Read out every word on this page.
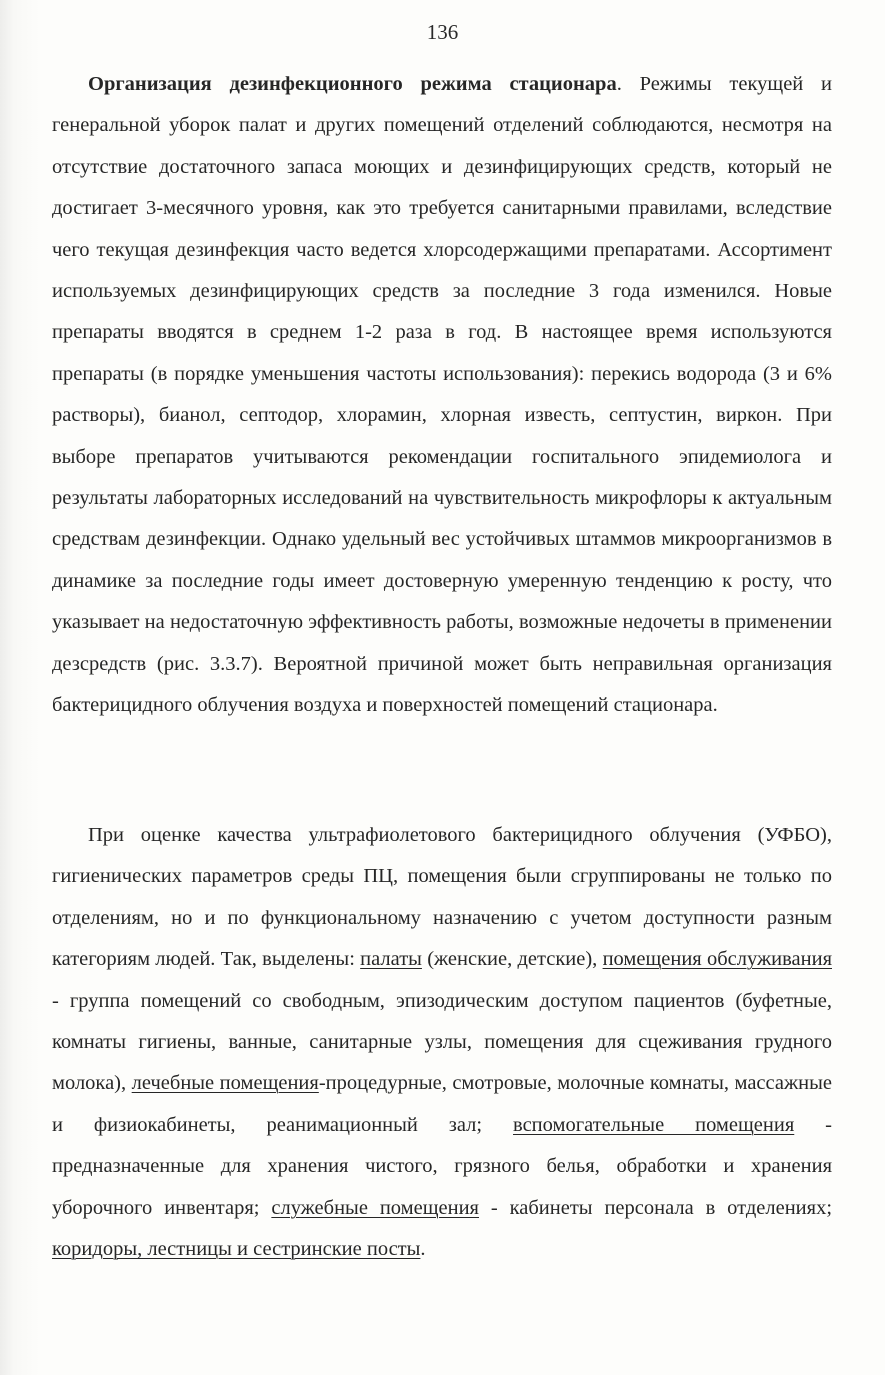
136

Организация дезинфекционного режима стационара. Режимы текущей и генеральной уборок палат и других помещений отделений соблюдаются, несмотря на отсутствие достаточного запаса моющих и дезинфицирующих средств, который не достигает 3-месячного уровня, как это требуется санитарными правилами, вследствие чего текущая дезинфекция часто ведется хлорсодержащими препаратами. Ассортимент используемых дезинфицирующих средств за последние 3 года изменился. Новые препараты вводятся в среднем 1-2 раза в год. В настоящее время используются препараты (в порядке уменьшения частоты использования): перекись водорода (3 и 6% растворы), бианол, септодор, хлорамин, хлорная известь, септустин, виркон. При выборе препаратов учитываются рекомендации госпитального эпидемиолога и результаты лабораторных исследований на чувствительность микрофлоры к актуальным средствам дезинфекции. Однако удельный вес устойчивых штаммов микроорганизмов в динамике за последние годы имеет достоверную умеренную тенденцию к росту, что указывает на недостаточную эффективность работы, возможные недочеты в применении дезсредств (рис. 3.3.7). Вероятной причиной может быть неправильная организация бактерицидного облучения воздуха и поверхностей помещений стационара.

При оценке качества ультрафиолетового бактерицидного облучения (УФБО), гигиенических параметров среды ПЦ, помещения были сгруппированы не только по отделениям, но и по функциональному назначению с учетом доступности разным категориям людей. Так, выделены: палаты (женские, детские), помещения обслуживания - группа помещений со свободным, эпизодическим доступом пациентов (буфетные, комнаты гигиены, ванные, санитарные узлы, помещения для сцеживания грудного молока), лечебные помещения-процедурные, смотровые, молочные комнаты, массажные и физиокабинеты, реанимационный зал; вспомогательные помещения - предназначенные для хранения чистого, грязного белья, обработки и хранения уборочного инвентаря; служебные помещения - кабинеты персонала в отделениях; коридоры, лестницы и сестринские посты.
